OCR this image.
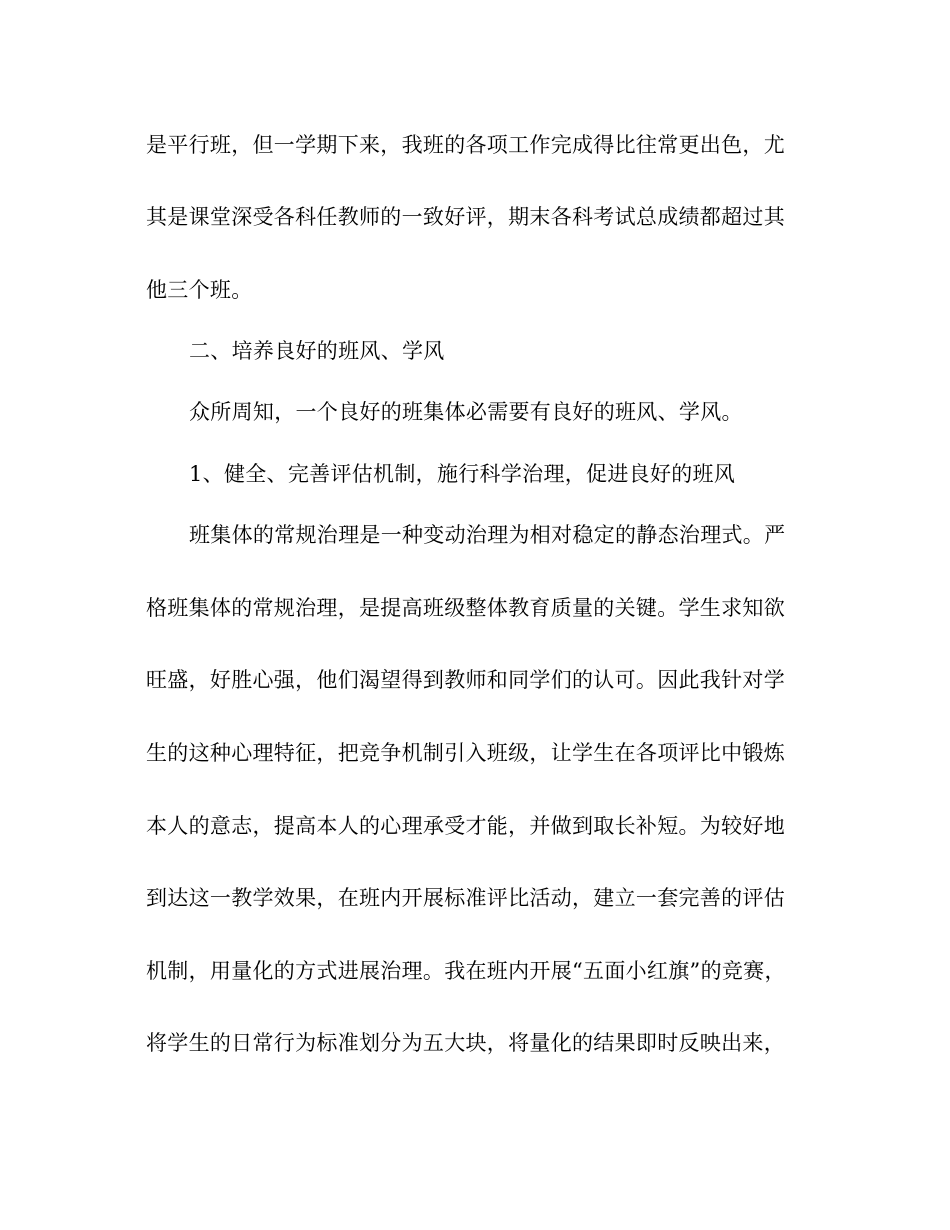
是平行班，但一学期下来，我班的各项工作完成得比往常更出色，尤
其是课堂深受各科任教师的一致好评，期末各科考试总成绩都超过其
他三个班。
二、培养良好的班风、学风
众所周知，一个良好的班集体必需要有良好的班风、学风。
1、健全、完善评估机制，施行科学治理，促进良好的班风
班集体的常规治理是一种变动治理为相对稳定的静态治理式。严
格班集体的常规治理，是提高班级整体教育质量的关键。学生求知欲
旺盛，好胜心强，他们渴望得到教师和同学们的认可。因此我针对学
生的这种心理特征，把竞争机制引入班级，让学生在各项评比中锻炼
本人的意志，提高本人的心理承受才能，并做到取长补短。为较好地
到达这一教学效果，在班内开展标准评比活动，建立一套完善的评估
机制，用量化的方式进展治理。我在班内开展“五面小红旗”的竞赛，
将学生的日常行为标准划分为五大块，将量化的结果即时反映出来，
